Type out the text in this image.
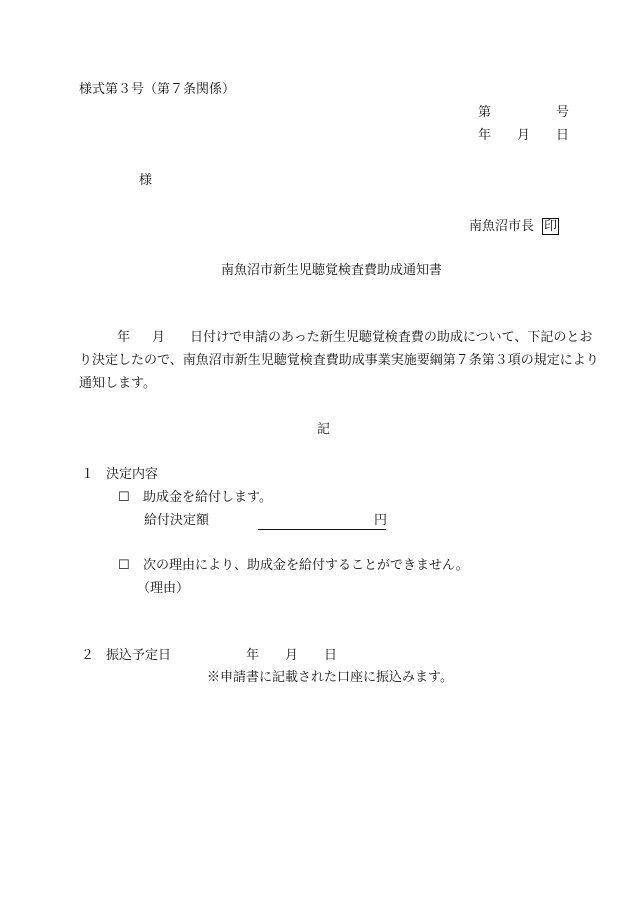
様式第３号（第７条関係）
第	号
年 月 日
様
南魚沼市長 印
南魚沼市新生児聴覚検査費助成通知書
年 月 日付けで申請のあった新生児聴覚検査費の助成について、下記のとお
り決定したので、南魚沼市新生児聴覚検査費助成事業実施要綱第７条第３項の規定により
通知します。
記
１ 決定内容
☐ 助成金を給付します。
給付決定額	円
☐ 次の理由により、助成金を給付することができません。
（理由）
２ 振込予定日	年 月 日
※申請書に記載された口座に振込みます。
